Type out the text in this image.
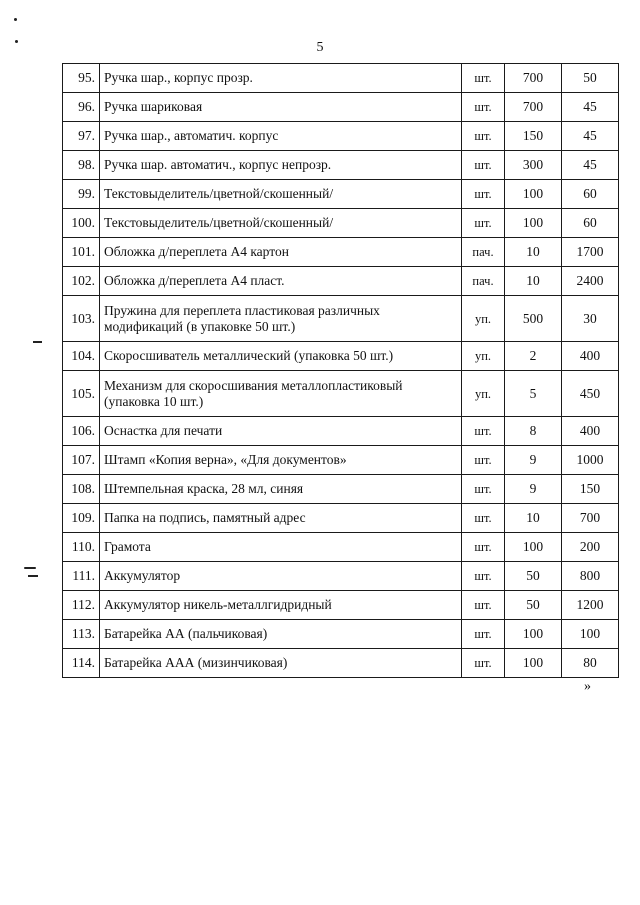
5
95.	Ручка шар., корпус прозр.	шт.	700	50
96.	Ручка шариковая	шт.	700	45
97.	Ручка шар., автоматич. корпус	шт.	150	45
98.	Ручка шар. автоматич., корпус непрозр.	шт.	300	45
99.	Текстовыделитель/цветной/скошенный/	шт.	100	60
100.	Текстовыделитель/цветной/скошенный/	шт.	100	60
101.	Обложка д/переплета А4 картон	пач.	10	1700
102.	Обложка д/переплета А4 пласт.	пач.	10	2400
103.	Пружина для переплета пластиковая различных модификаций (в упаковке 50 шт.)	уп.	500	30
104.	Скоросшиватель металлический (упаковка 50 шт.)	уп.	2	400
105.	Механизм для скоросшивания металлопластиковый (упаковка 10 шт.)	уп.	5	450
106.	Оснастка для печати	шт.	8	400
107.	Штамп «Копия верна», «Для документов»	шт.	9	1000
108.	Штемпельная краска, 28 мл, синяя	шт.	9	150
109.	Папка на подпись, памятный адрес	шт.	10	700
110.	Грамота	шт.	100	200
111.	Аккумулятор	шт.	50	800
112.	Аккумулятор никель-металлгидридный	шт.	50	1200
113.	Батарейка АА (пальчиковая)	шт.	100	100
114.	Батарейка ААА (мизинчиковая)	шт.	100	80
»
